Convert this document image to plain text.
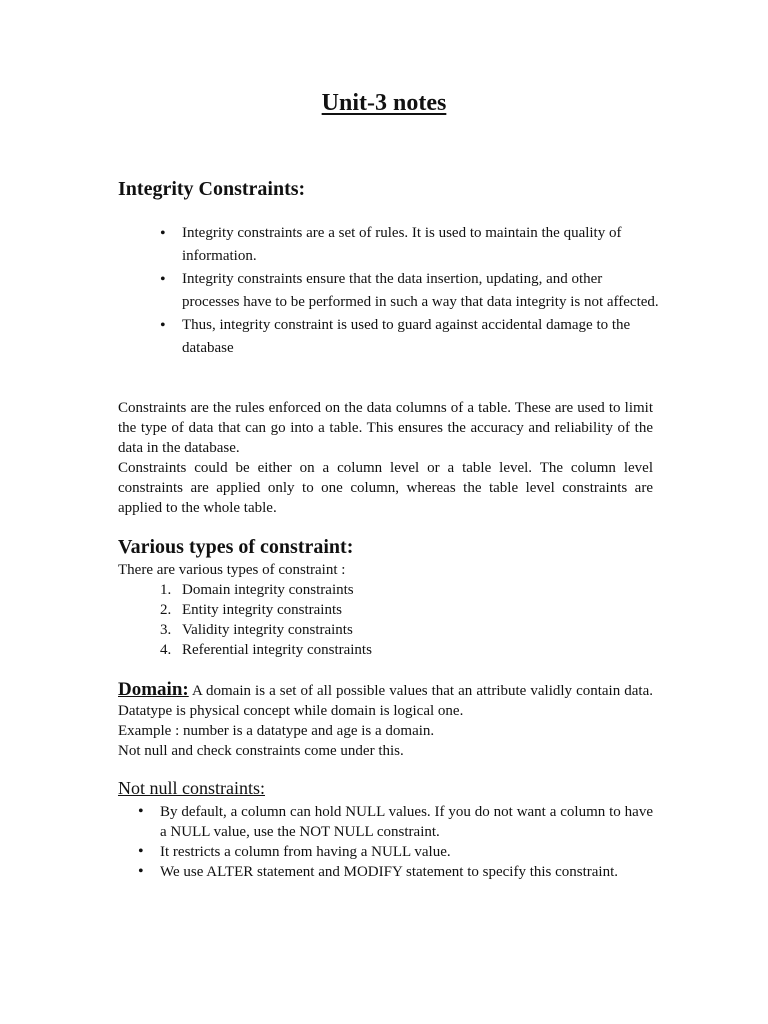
Unit-3 notes
Integrity Constraints:
• Integrity constraints are a set of rules. It is used to maintain the quality of information.
• Integrity constraints ensure that the data insertion, updating, and other processes have to be performed in such a way that data integrity is not affected.
• Thus, integrity constraint is used to guard against accidental damage to the database
Constraints are the rules enforced on the data columns of a table. These are used to limit the type of data that can go into a table. This ensures the accuracy and reliability of the data in the database.
Constraints could be either on a column level or a table level. The column level constraints are applied only to one column, whereas the table level constraints are applied to the whole table.
Various types of constraint:
There are various types of constraint :
1. Domain integrity constraints
2. Entity integrity constraints
3. Validity integrity constraints
4. Referential integrity constraints
Domain: A domain is a set of all possible values that an attribute validly contain data. Datatype is physical concept while domain is logical one.
Example : number is a datatype and age is a domain.
Not null and check constraints come under this.
Not null constraints:
• By default, a column can hold NULL values. If you do not want a column to have a NULL value, use the NOT NULL constraint.
• It restricts a column from having a NULL value.
• We use ALTER statement and MODIFY statement to specify this constraint.
